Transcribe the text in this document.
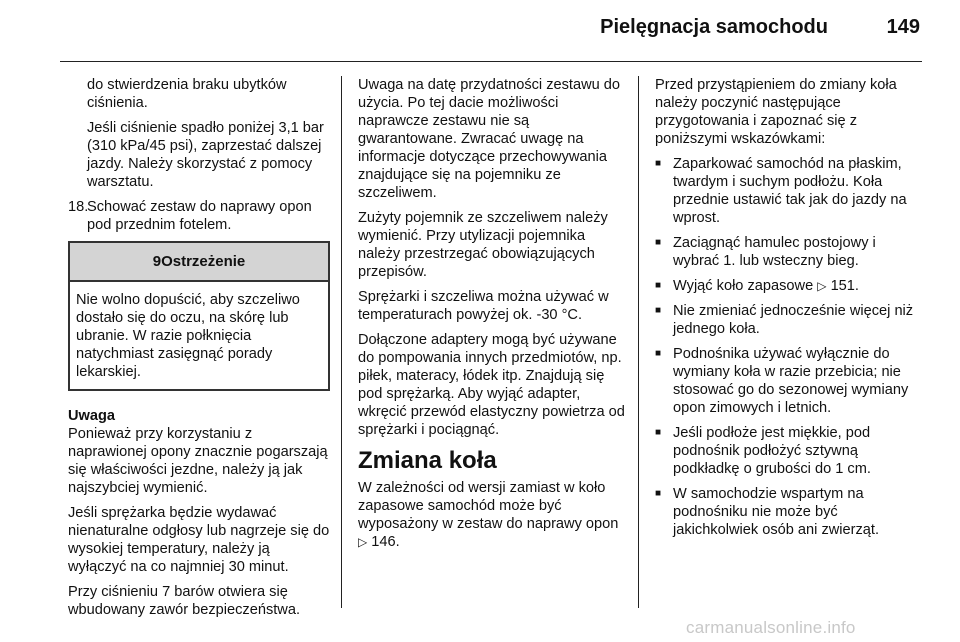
Pielęgnacja samochodu	149

do stwierdzenia braku ubytków ciśnienia.

Jeśli ciśnienie spadło poniżej 3,1 bar (310 kPa/45 psi), zaprzestać dalszej jazdy. Należy skorzystać z pomocy warsztatu.

18.
Schować zestaw do naprawy opon pod przednim fotelem.
9Ostrzeżenie
Nie wolno dopuścić, aby szczeliwo dostało się do oczu, na skórę lub ubranie. W razie połknięcia natychmiast zasięgnąć porady lekarskiej.
Uwaga

Ponieważ przy korzystaniu z naprawionej opony znacznie pogarszają się właściwości jezdne, należy ją jak najszybciej wymienić.

Jeśli sprężarka będzie wydawać nienaturalne odgłosy lub nagrzeje się do wysokiej temperatury, należy ją wyłączyć na co najmniej 30 minut.

Przy ciśnieniu 7 barów otwiera się wbudowany zawór bezpieczeństwa.

Uwaga na datę przydatności zestawu do użycia. Po tej dacie możliwości naprawcze zestawu nie są gwarantowane. Zwracać uwagę na informacje dotyczące przechowywania znajdujące się na pojemniku ze szczeliwem.

Zużyty pojemnik ze szczeliwem należy wymienić. Przy utylizacji pojemnika należy przestrzegać obowiązujących przepisów.

Sprężarki i szczeliwa można używać w temperaturach powyżej ok. -30 °C.

Dołączone adaptery mogą być używane do pompowania innych przedmiotów, np. piłek, materacy, łódek itp. Znajdują się pod sprężarką. Aby wyjąć adapter, wkręcić przewód elastyczny powietrza od sprężarki i pociągnąć.

Zmiana koła

W zależności od wersji zamiast w koło zapasowe samochód może być wyposażony w zestaw do naprawy opon ▷ 146.

Przed przystąpieniem do zmiany koła należy poczynić następujące przygotowania i zapoznać się z poniższymi wskazówkami:

■ Zaparkować samochód na płaskim, twardym i suchym podłożu. Koła przednie ustawić tak jak do jazdy na wprost.
■ Zaciągnąć hamulec postojowy i wybrać 1. lub wsteczny bieg.
■ Wyjąć koło zapasowe ▷ 151.
■ Nie zmieniać jednocześnie więcej niż jednego koła.
■ Podnośnika używać wyłącznie do wymiany koła w razie przebicia; nie stosować go do sezonowej wymiany opon zimowych i letnich.
■ Jeśli podłoże jest miękkie, pod podnośnik podłożyć sztywną podkładkę o grubości do 1 cm.
■ W samochodzie wspartym na podnośniku nie może być jakichkolwiek osób ani zwierząt.
carmanualsonline.info
